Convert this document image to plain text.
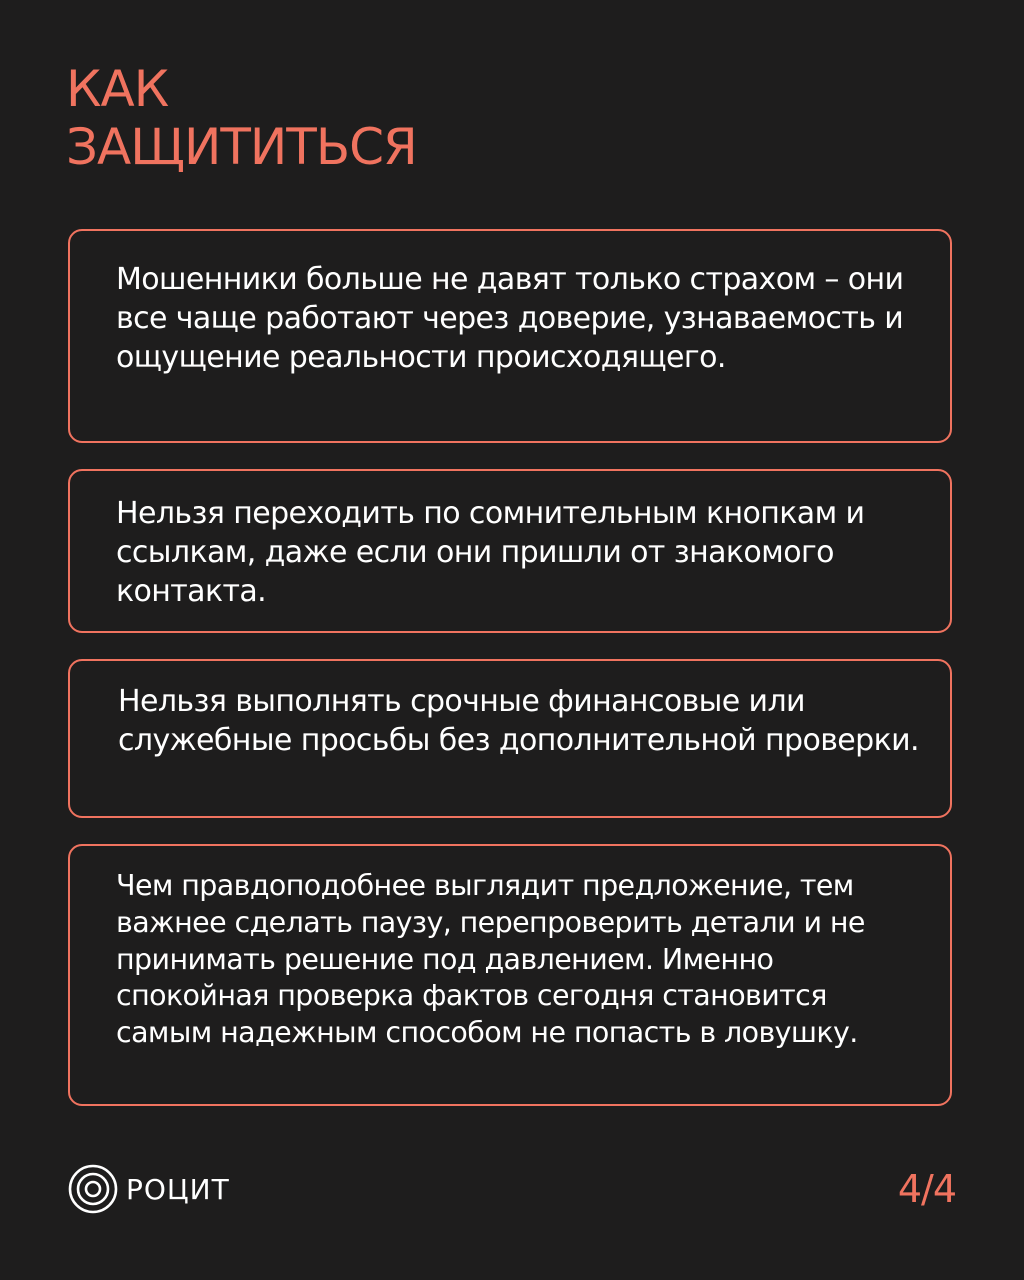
КАК
ЗАЩИТИТЬСЯ

Мошенники больше не давят только страхом – они все чаще работают через доверие, узнаваемость и ощущение реальности происходящего.

Нельзя переходить по сомнительным кнопкам и ссылкам, даже если они пришли от знакомого контакта.

Нельзя выполнять срочные финансовые или служебные просьбы без дополнительной проверки.

Чем правдоподобнее выглядит предложение, тем важнее сделать паузу, перепроверить детали и не принимать решение под давлением. Именно спокойная проверка фактов сегодня становится самым надежным способом не попасть в ловушку.

РОЦИТ	4/4
